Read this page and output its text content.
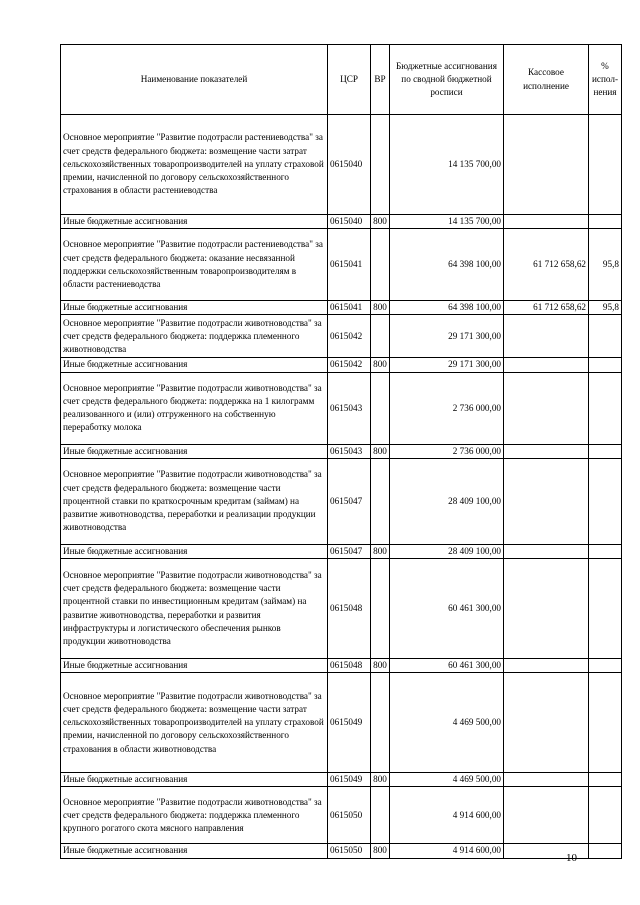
Наименование показателей	ЦСР	ВР	Бюджетные ассигнования по сводной бюджетной росписи	Кассовое исполнение	% испол-нения
Основное мероприятие "Развитие подотрасли растениеводства" за счет средств федерального бюджета: возмещение части затрат сельскохозяйственных товаропроизводителей на уплату страховой премии, начисленной по договору сельскохозяйственного страхования в области растениеводства	0615040		14 135 700,00		
Иные бюджетные ассигнования	0615040	800	14 135 700,00		
Основное мероприятие "Развитие подотрасли растениеводства" за счет средств федерального бюджета: оказание несвязанной поддержки сельскохозяйственным товаропроизводителям в области растениеводства	0615041		64 398 100,00	61 712 658,62	95,8
Иные бюджетные ассигнования	0615041	800	64 398 100,00	61 712 658,62	95,8
Основное мероприятие "Развитие подотрасли животноводства" за счет средств федерального бюджета: поддержка племенного животноводства	0615042		29 171 300,00		
Иные бюджетные ассигнования	0615042	800	29 171 300,00		
Основное мероприятие "Развитие подотрасли животноводства" за счет средств федерального бюджета: поддержка на 1 килограмм реализованного и (или) отгруженного на собственную переработку молока	0615043		2 736 000,00		
Иные бюджетные ассигнования	0615043	800	2 736 000,00		
Основное мероприятие "Развитие подотрасли животноводства" за счет средств федерального бюджета: возмещение части процентной ставки по краткосрочным кредитам (займам) на развитие животноводства, переработки и реализации продукции животноводства	0615047		28 409 100,00		
Иные бюджетные ассигнования	0615047	800	28 409 100,00		
Основное мероприятие "Развитие подотрасли животноводства" за счет средств федерального бюджета: возмещение части процентной ставки по инвестиционным кредитам (займам) на развитие животноводства, переработки и развития инфраструктуры и логистического обеспечения рынков продукции животноводства	0615048		60 461 300,00		
Иные бюджетные ассигнования	0615048	800	60 461 300,00		
Основное мероприятие "Развитие подотрасли животноводства" за счет средств федерального бюджета: возмещение части затрат сельскохозяйственных товаропроизводителей на уплату страховой премии, начисленной по договору сельскохозяйственного страхования в области животноводства	0615049		4 469 500,00		
Иные бюджетные ассигнования	0615049	800	4 469 500,00		
Основное мероприятие "Развитие подотрасли животноводства" за счет средств федерального бюджета: поддержка племенного крупного рогатого скота мясного направления	0615050		4 914 600,00		
Иные бюджетные ассигнования	0615050	800	4 914 600,00		
10
